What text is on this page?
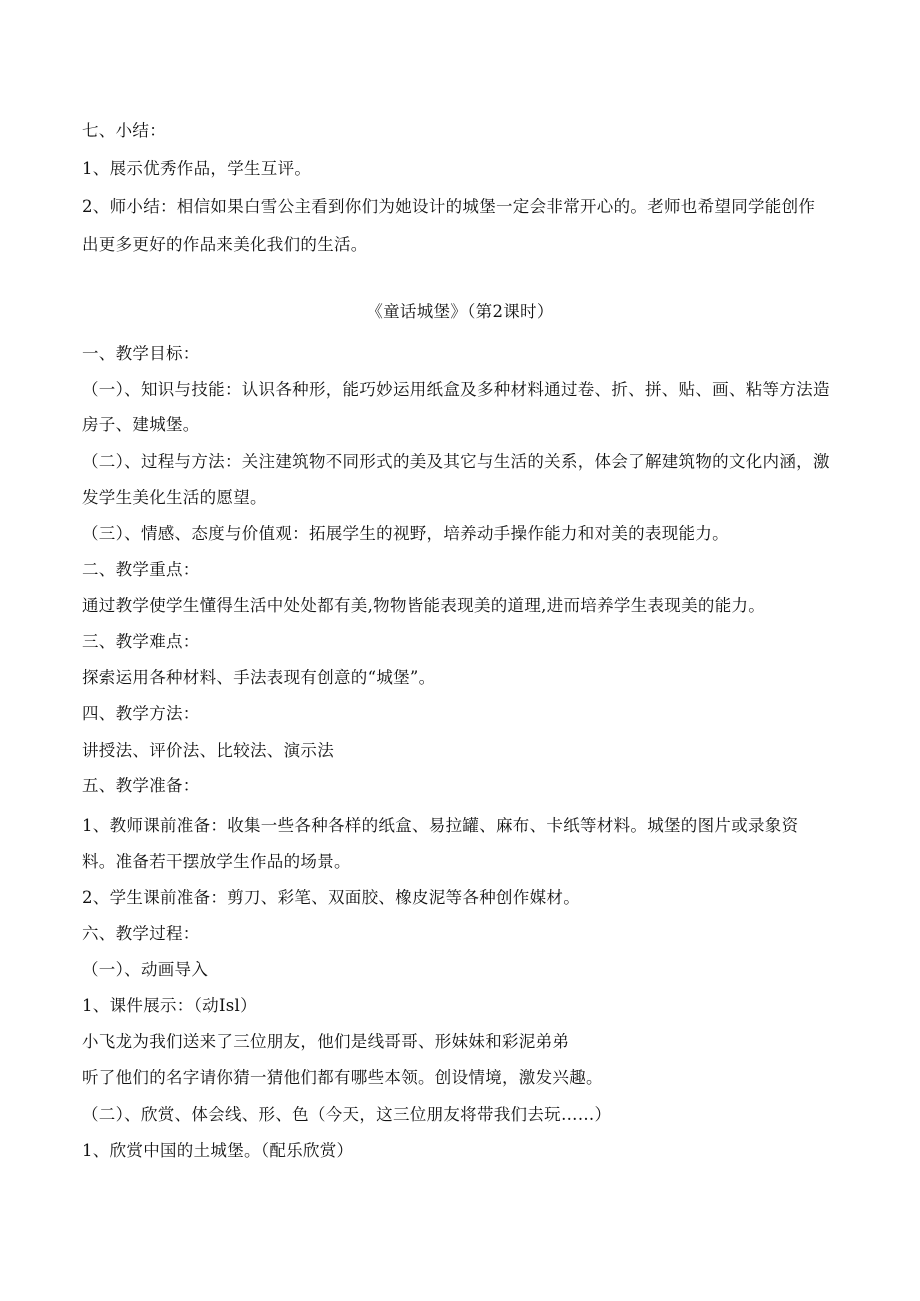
七、小结：
1、展示优秀作品，学生互评。
2、师小结：相信如果白雪公主看到你们为她设计的城堡一定会非常开心的。老师也希望同学能创作
出更多更好的作品来美化我们的生活。
《童话城堡》（第2课时）
一、教学目标：
（一）、知识与技能：认识各种形，能巧妙运用纸盒及多种材料通过卷、折、拼、贴、画、粘等方法造
房子、建城堡。
（二）、过程与方法：关注建筑物不同形式的美及其它与生活的关系，体会了解建筑物的文化内涵，激
发学生美化生活的愿望。
（三）、情感、态度与价值观：拓展学生的视野，培养动手操作能力和对美的表现能力。
二、教学重点：
通过教学使学生懂得生活中处处都有美,物物皆能表现美的道理,进而培养学生表现美的能力。
三、教学难点：
探索运用各种材料、手法表现有创意的“城堡”。
四、教学方法：
讲授法、评价法、比较法、演示法
五、教学准备：
1、教师课前准备：收集一些各种各样的纸盒、易拉罐、麻布、卡纸等材料。城堡的图片或录象资
料。准备若干摆放学生作品的场景。
2、学生课前准备：剪刀、彩笔、双面胶、橡皮泥等各种创作媒材。
六、教学过程：
（一）、动画导入
1、课件展示：（动Isl）
小飞龙为我们送来了三位朋友，他们是线哥哥、形妹妹和彩泥弟弟
听了他们的名字请你猜一猜他们都有哪些本领。创设情境，激发兴趣。
（二）、欣赏、体会线、形、色（今天，这三位朋友将带我们去玩……）
1、欣赏中国的土城堡。（配乐欣赏）
